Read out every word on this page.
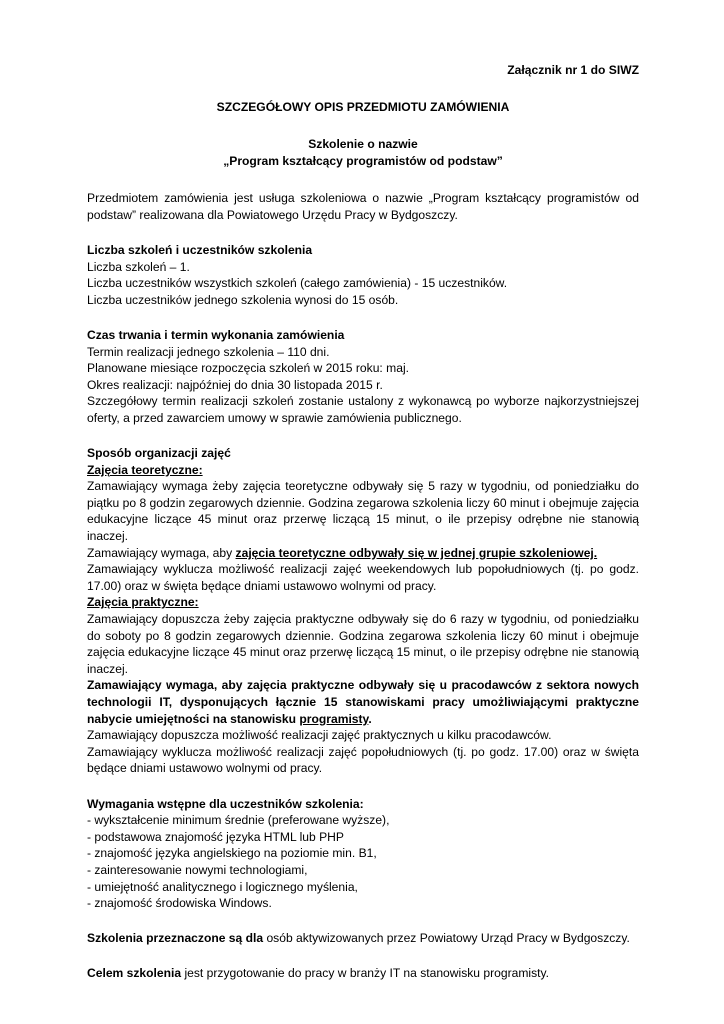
Załącznik nr 1 do SIWZ

SZCZEGÓŁOWY OPIS PRZEDMIOTU ZAMÓWIENIA

Szkolenie o nazwie

„Program kształcący programistów od podstaw”

Przedmiotem zamówienia jest usługa szkoleniowa o nazwie „Program kształcący programistów od podstaw” realizowana dla Powiatowego Urzędu Pracy w Bydgoszczy.

Liczba szkoleń i uczestników szkolenia

Liczba szkoleń – 1.

Liczba uczestników wszystkich szkoleń (całego zamówienia) - 15 uczestników.

Liczba uczestników jednego szkolenia wynosi do 15 osób.

Czas trwania i termin wykonania zamówienia

Termin realizacji jednego szkolenia – 110 dni.

Planowane miesiące rozpoczęcia szkoleń w 2015 roku: maj.

Okres realizacji: najpóźniej do dnia 30 listopada 2015 r.

Szczegółowy termin realizacji szkoleń zostanie ustalony z wykonawcą po wyborze najkorzystniejszej oferty, a przed zawarciem umowy w sprawie zamówienia publicznego.

Sposób organizacji zajęć

Zajęcia teoretyczne:

Zamawiający wymaga żeby zajęcia teoretyczne odbywały się 5 razy w tygodniu, od poniedziałku do piątku po 8 godzin zegarowych dziennie. Godzina zegarowa szkolenia liczy 60 minut i obejmuje zajęcia edukacyjne liczące 45 minut oraz przerwę liczącą 15 minut, o ile przepisy odrębne nie stanowią inaczej.

Zamawiający wymaga, aby zajęcia teoretyczne odbywały się w jednej grupie szkoleniowej.

Zamawiający wyklucza możliwość realizacji zajęć weekendowych lub popołudniowych (tj. po godz. 17.00) oraz w święta będące dniami ustawowo wolnymi od pracy.

Zajęcia praktyczne:

Zamawiający dopuszcza żeby zajęcia praktyczne odbywały się do 6 razy w tygodniu, od poniedziałku do soboty po 8 godzin zegarowych dziennie. Godzina zegarowa szkolenia liczy 60 minut i obejmuje zajęcia edukacyjne liczące 45 minut oraz przerwę liczącą 15 minut, o ile przepisy odrębne nie stanowią inaczej.

Zamawiający wymaga, aby zajęcia praktyczne odbywały się u pracodawców z sektora nowych technologii IT, dysponujących łącznie 15 stanowiskami pracy umożliwiającymi praktyczne nabycie umiejętności na stanowisku programisty.

Zamawiający dopuszcza możliwość realizacji zajęć praktycznych u kilku pracodawców.

Zamawiający wyklucza możliwość realizacji zajęć popołudniowych (tj. po godz. 17.00) oraz w święta będące dniami ustawowo wolnymi od pracy.

Wymagania wstępne dla uczestników szkolenia:

- wykształcenie minimum średnie (preferowane wyższe),

- podstawowa znajomość języka HTML lub PHP

- znajomość języka angielskiego na poziomie min. B1,

- zainteresowanie nowymi technologiami,

- umiejętność analitycznego i logicznego myślenia,

- znajomość środowiska Windows.

Szkolenia przeznaczone są dla osób aktywizowanych przez Powiatowy Urząd Pracy w Bydgoszczy.

Celem szkolenia jest przygotowanie do pracy w branży IT na stanowisku programisty.
